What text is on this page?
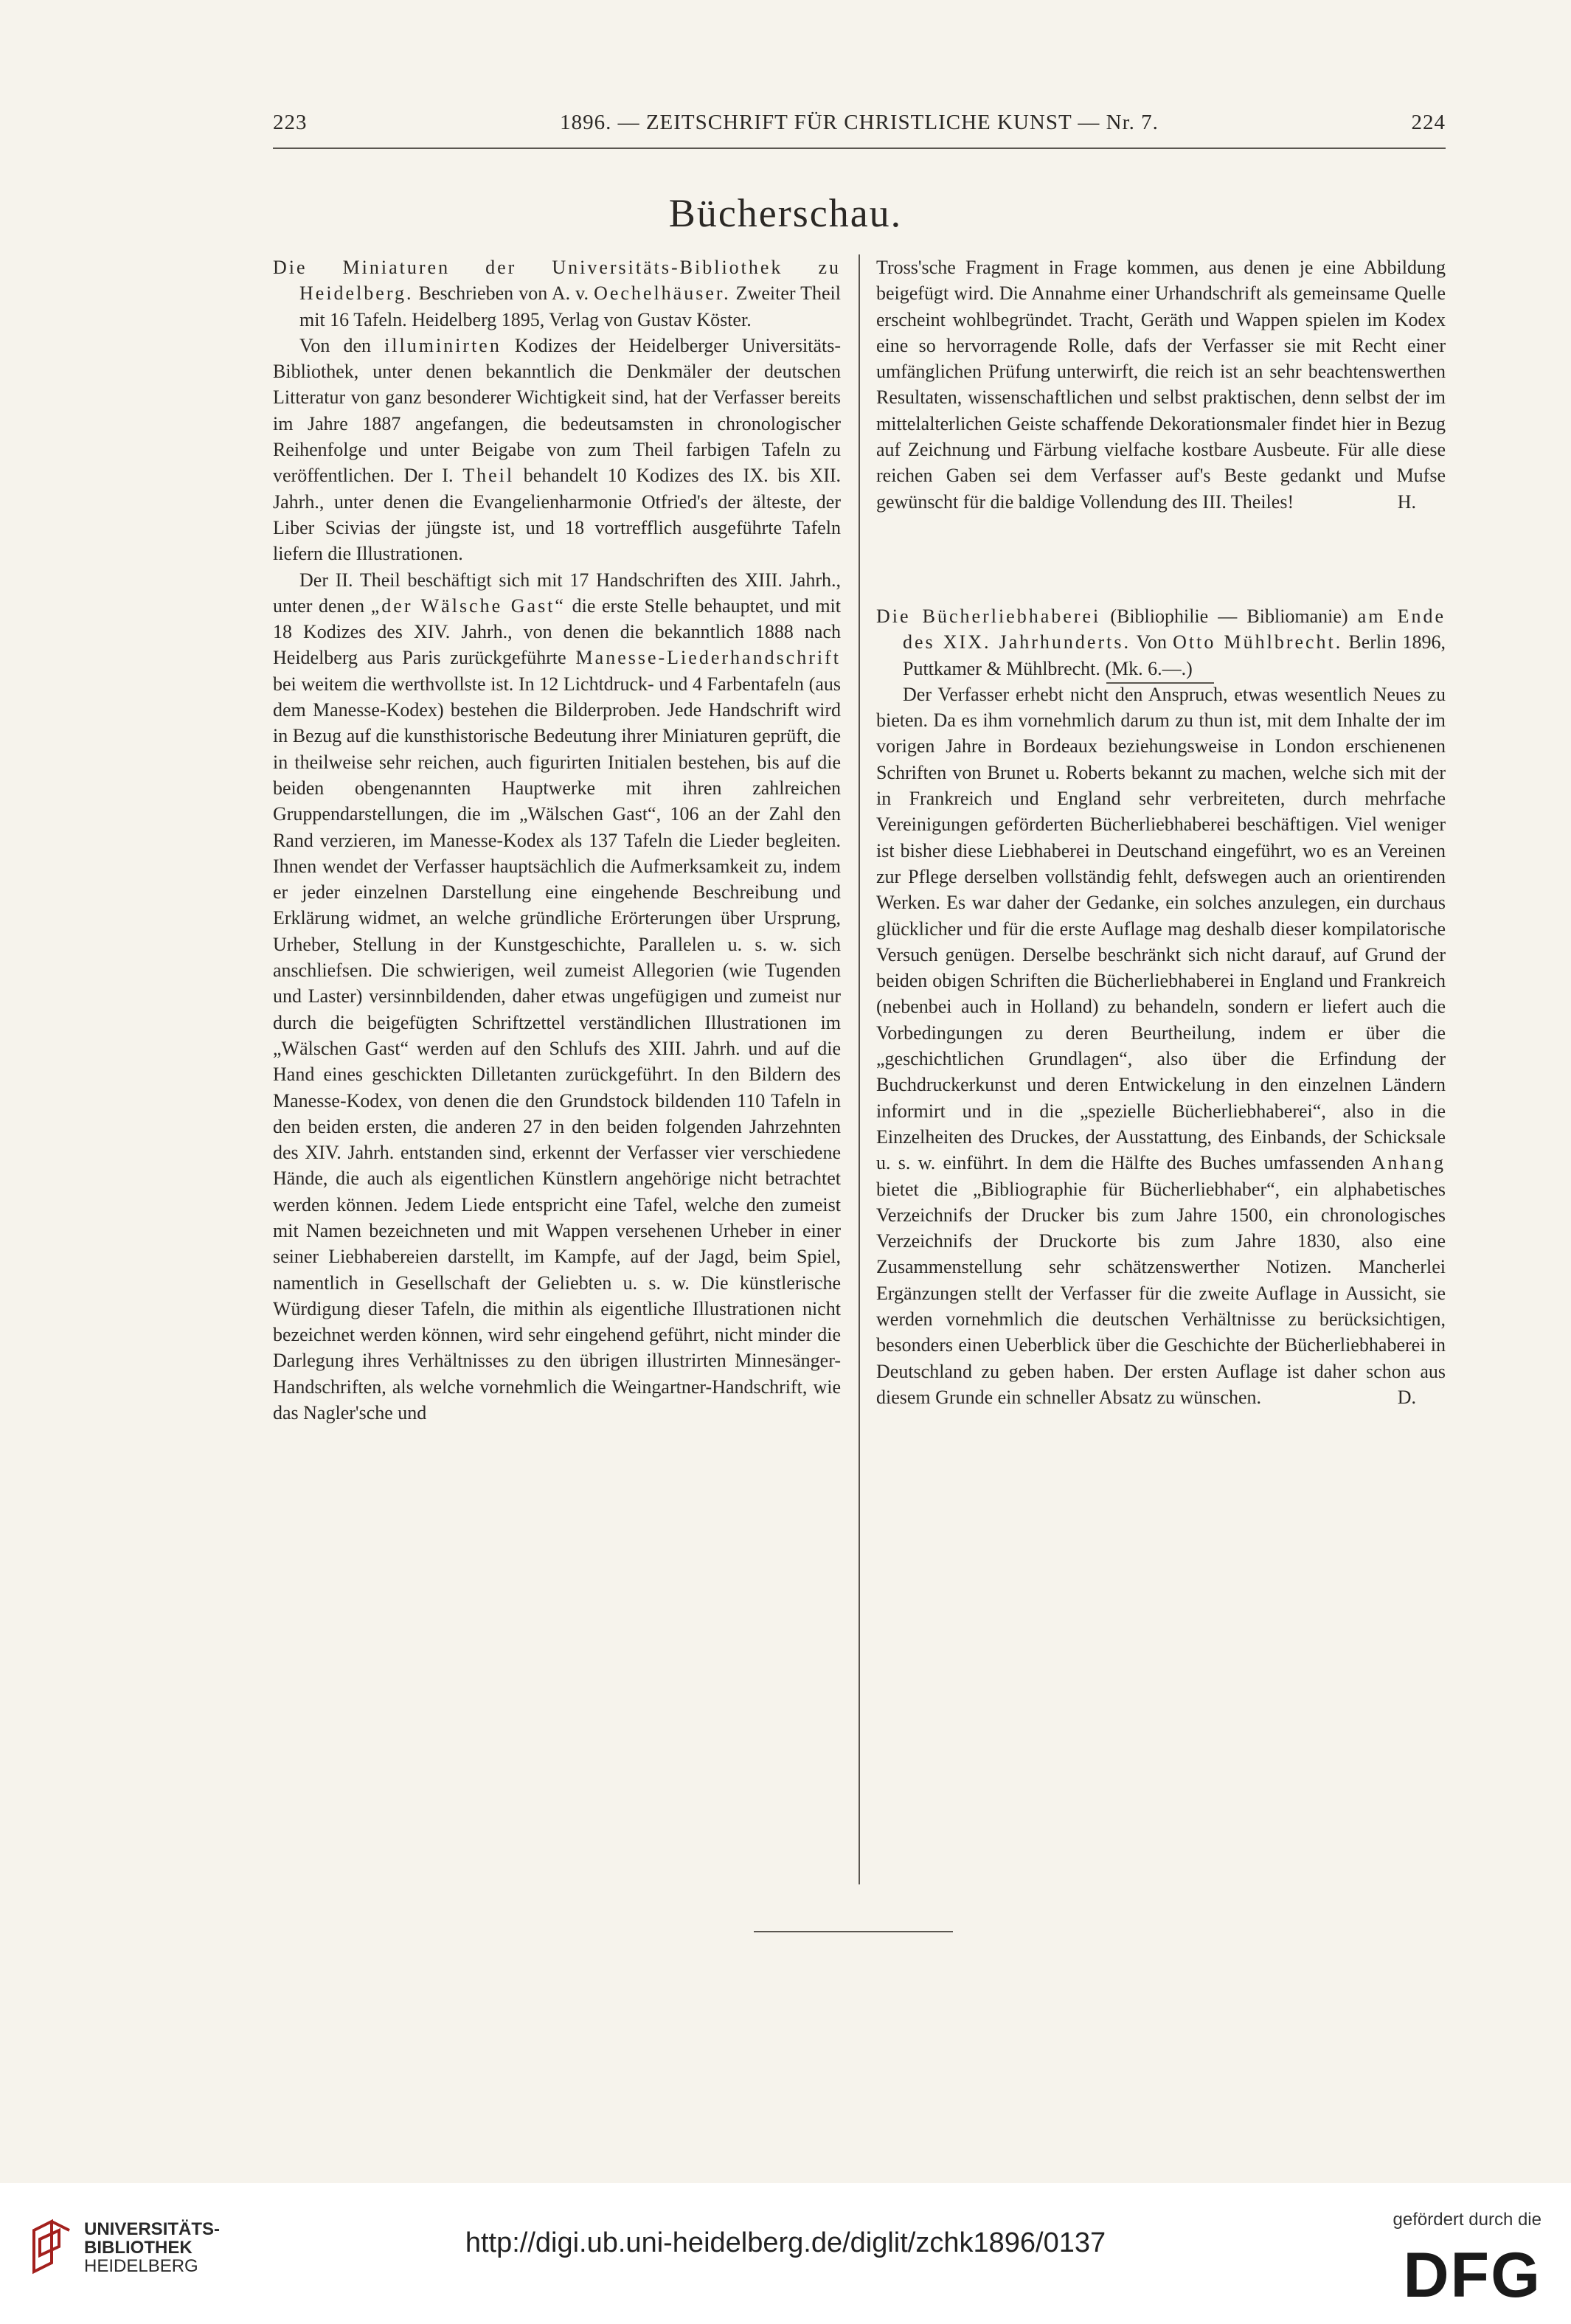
223	1896. — ZEITSCHRIFT FÜR CHRISTLICHE KUNST — Nr. 7.	224
Bücherschau.

Die Miniaturen der Universitäts-Bibliothek zu Heidelberg. Beschrieben von A. v. Oechelhäuser. Zweiter Theil mit 16 Tafeln. Heidelberg 1895, Verlag von Gustav Köster.

Von den illuminirten Kodizes der Heidelberger Universitäts-Bibliothek, unter denen bekanntlich die Denkmäler der deutschen Litteratur von ganz besonderer Wichtigkeit sind, hat der Verfasser bereits im Jahre 1887 angefangen, die bedeutsamsten in chronologischer Reihenfolge und unter Beigabe von zum Theil farbigen Tafeln zu veröffentlichen. Der I. Theil behandelt 10 Kodizes des IX. bis XII. Jahrh., unter denen die Evangelienharmonie Otfried's der älteste, der Liber Scivias der jüngste ist, und 18 vortrefflich ausgeführte Tafeln liefern die Illustrationen.

Der II. Theil beschäftigt sich mit 17 Handschriften des XIII. Jahrh., unter denen „der Wälsche Gast“ die erste Stelle behauptet, und mit 18 Kodizes des XIV. Jahrh., von denen die bekanntlich 1888 nach Heidelberg aus Paris zurückgeführte Manesse-Liederhandschrift bei weitem die werthvollste ist. In 12 Lichtdruck- und 4 Farbentafeln (aus dem Manesse-Kodex) bestehen die Bilderproben. Jede Handschrift wird in Bezug auf die kunsthistorische Bedeutung ihrer Miniaturen geprüft, die in theilweise sehr reichen, auch figurirten Initialen bestehen, bis auf die beiden obengenannten Hauptwerke mit ihren zahlreichen Gruppendarstellungen, die im „Wälschen Gast“, 106 an der Zahl den Rand verzieren, im Manesse-Kodex als 137 Tafeln die Lieder begleiten. Ihnen wendet der Verfasser hauptsächlich die Aufmerksamkeit zu, indem er jeder einzelnen Darstellung eine eingehende Beschreibung und Erklärung widmet, an welche gründliche Erörterungen über Ursprung, Urheber, Stellung in der Kunstgeschichte, Parallelen u. s. w. sich anschliefsen. Die schwierigen, weil zumeist Allegorien (wie Tugenden und Laster) versinnbildenden, daher etwas ungefügigen und zumeist nur durch die beigefügten Schriftzettel verständlichen Illustrationen im „Wälschen Gast“ werden auf den Schlufs des XIII. Jahrh. und auf die Hand eines geschickten Dilletanten zurückgeführt. In den Bildern des Manesse-Kodex, von denen die den Grundstock bildenden 110 Tafeln in den beiden ersten, die anderen 27 in den beiden folgenden Jahrzehnten des XIV. Jahrh. entstanden sind, erkennt der Verfasser vier verschiedene Hände, die auch als eigentlichen Künstlern angehörige nicht betrachtet werden können. Jedem Liede entspricht eine Tafel, welche den zumeist mit Namen bezeichneten und mit Wappen versehenen Urheber in einer seiner Liebhabereien darstellt, im Kampfe, auf der Jagd, beim Spiel, namentlich in Gesellschaft der Geliebten u. s. w. Die künstlerische Würdigung dieser Tafeln, die mithin als eigentliche Illustrationen nicht bezeichnet werden können, wird sehr eingehend geführt, nicht minder die Darlegung ihres Verhältnisses zu den übrigen illustrirten Minnesänger-Handschriften, als welche vornehmlich die Weingartner-Handschrift, wie das Nagler'sche und

Tross'sche Fragment in Frage kommen, aus denen je eine Abbildung beigefügt wird. Die Annahme einer Urhandschrift als gemeinsame Quelle erscheint wohlbegründet. Tracht, Geräth und Wappen spielen im Kodex eine so hervorragende Rolle, dafs der Verfasser sie mit Recht einer umfänglichen Prüfung unterwirft, die reich ist an sehr beachtenswerthen Resultaten, wissenschaftlichen und selbst praktischen, denn selbst der im mittelalterlichen Geiste schaffende Dekorationsmaler findet hier in Bezug auf Zeichnung und Färbung vielfache kostbare Ausbeute. Für alle diese reichen Gaben sei dem Verfasser auf's Beste gedankt und Mufse gewünscht für die baldige Vollendung des III. Theiles!	H.

Die Bücherliebhaberei (Bibliophilie — Bibliomanie) am Ende des XIX. Jahrhunderts. Von Otto Mühlbrecht. Berlin 1896, Puttkamer & Mühlbrecht. (Mk. 6.—.)

Der Verfasser erhebt nicht den Anspruch, etwas wesentlich Neues zu bieten. Da es ihm vornehmlich darum zu thun ist, mit dem Inhalte der im vorigen Jahre in Bordeaux beziehungsweise in London erschienenen Schriften von Brunet u. Roberts bekannt zu machen, welche sich mit der in Frankreich und England sehr verbreiteten, durch mehrfache Vereinigungen geförderten Bücherliebhaberei beschäftigen. Viel weniger ist bisher diese Liebhaberei in Deutschand eingeführt, wo es an Vereinen zur Pflege derselben vollständig fehlt, defswegen auch an orientirenden Werken. Es war daher der Gedanke, ein solches anzulegen, ein durchaus glücklicher und für die erste Auflage mag deshalb dieser kompilatorische Versuch genügen. Derselbe beschränkt sich nicht darauf, auf Grund der beiden obigen Schriften die Bücherliebhaberei in England und Frankreich (nebenbei auch in Holland) zu behandeln, sondern er liefert auch die Vorbedingungen zu deren Beurtheilung, indem er über die „geschichtlichen Grundlagen“, also über die Erfindung der Buchdruckerkunst und deren Entwickelung in den einzelnen Ländern informirt und in die „spezielle Bücherliebhaberei“, also in die Einzelheiten des Druckes, der Ausstattung, des Einbands, der Schicksale u. s. w. einführt. In dem die Hälfte des Buches umfassenden Anhang bietet die „Bibliographie für Bücherliebhaber“, ein alphabetisches Verzeichnifs der Drucker bis zum Jahre 1500, ein chronologisches Verzeichnifs der Druckorte bis zum Jahre 1830, also eine Zusammenstellung sehr schätzenswerther Notizen. Mancherlei Ergänzungen stellt der Verfasser für die zweite Auflage in Aussicht, sie werden vornehmlich die deutschen Verhältnisse zu berücksichtigen, besonders einen Ueberblick über die Geschichte der Bücherliebhaberei in Deutschland zu geben haben. Der ersten Auflage ist daher schon aus diesem Grunde ein schneller Absatz zu wünschen.	D.

UNIVERSITÄTS-
BIBLIOTHEK
HEIDELBERG
http://digi.ub.uni-heidelberg.de/diglit/zchk1896/0137
gefördert durch die
DFG
